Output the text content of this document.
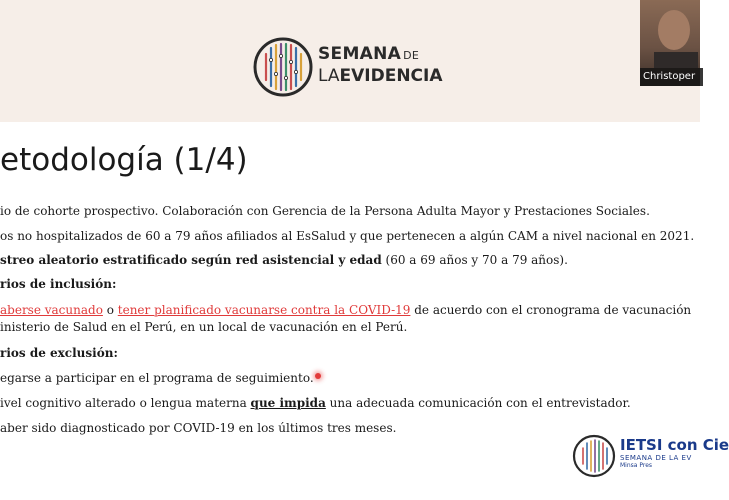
SEMANA DE
LAEVIDENCIA	Christoper
etodología (1/4)
io de cohorte prospectivo. Colaboración con Gerencia de la Persona Adulta Mayor y Prestaciones Sociales.
os no hospitalizados de 60 a 79 años afiliados al EsSalud y que pertenecen a algún CAM a nivel nacional en 2021.
streo aleatorio estratificado según red asistencial y edad (60 a 69 años y 70 a 79 años).
rios de inclusión:
aberse vacunado o tener planificado vacunarse contra la COVID-19 de acuerdo con el cronograma de vacunación
inisterio de Salud en el Perú, en un local de vacunación en el Perú.
rios de exclusión:
egarse a participar en el programa de seguimiento.
ivel cognitivo alterado o lengua materna que impida una adecuada comunicación con el entrevistador.
aber sido diagnosticado por COVID-19 en los últimos tres meses.
IETSI con Cie
SEMANA DE LA EV
Minsa Pres
